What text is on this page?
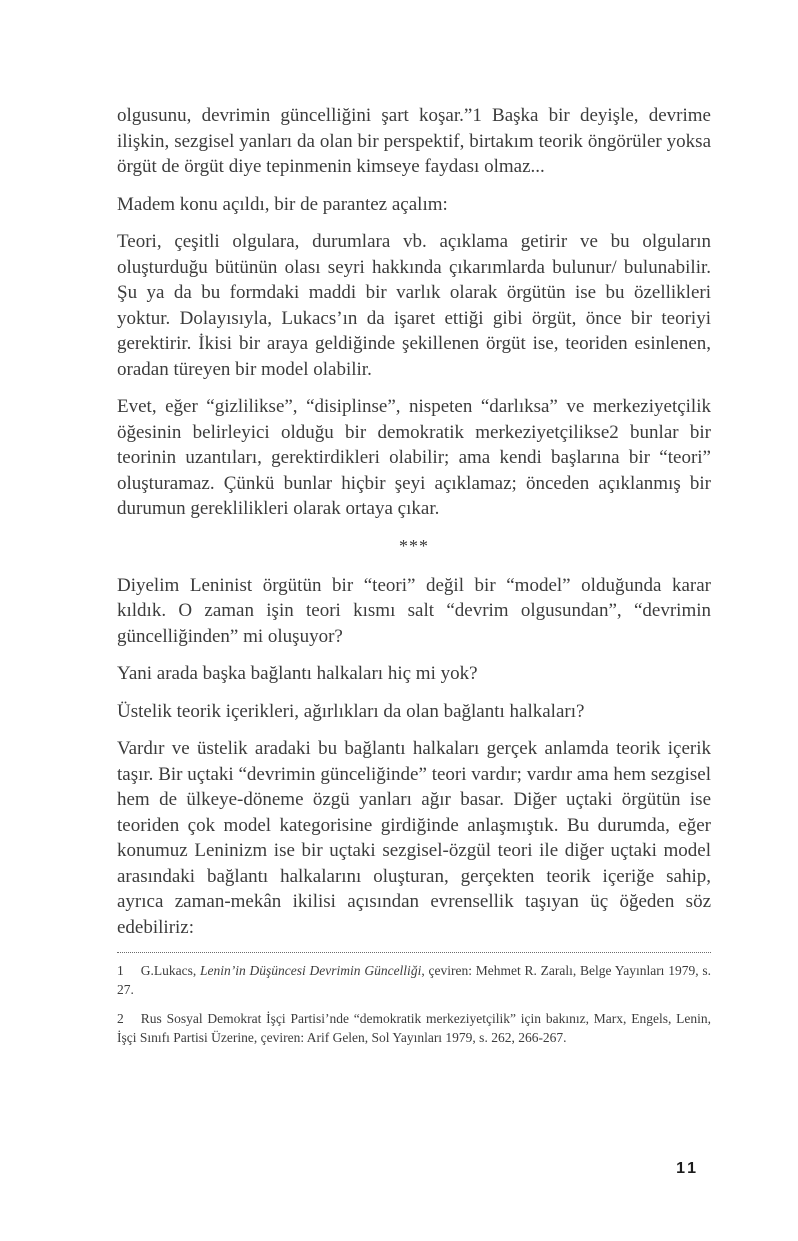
olgusunu, devrimin güncelliğini şart koşar.”1 Başka bir deyişle, devrime ilişkin, sezgisel yanları da olan bir perspektif, birtakım teorik öngörüler yoksa örgüt de örgüt diye tepinmenin kimseye faydası olmaz...

Madem konu açıldı, bir de parantez açalım:

Teori, çeşitli olgulara, durumlara vb. açıklama getirir ve bu olguların oluşturduğu bütünün olası seyri hakkında çıkarımlarda bulunur/ bulunabilir. Şu ya da bu formdaki maddi bir varlık olarak örgütün ise bu özellikleri yoktur. Dolayısıyla, Lukacs’ın da işaret ettiği gibi örgüt, önce bir teoriyi gerektirir. İkisi bir araya geldiğinde şekillenen örgüt ise, teoriden esinlenen, oradan türeyen bir model olabilir.

Evet, eğer “gizlilikse”, “disiplinse”, nispeten “darlıksa” ve merkeziyetçilik öğesinin belirleyici olduğu bir demokratik merkeziyetçilikse2 bunlar bir teorinin uzantıları, gerektirdikleri olabilir; ama kendi başlarına bir “teori” oluşturamaz. Çünkü bunlar hiçbir şeyi açıklamaz; önceden açıklanmış bir durumun gereklilikleri olarak ortaya çıkar.

***

Diyelim Leninist örgütün bir “teori” değil bir “model” olduğunda karar kıldık. O zaman işin teori kısmı salt “devrim olgusundan”, “devrimin güncelliğinden” mi oluşuyor?

Yani arada başka bağlantı halkaları hiç mi yok?

Üstelik teorik içerikleri, ağırlıkları da olan bağlantı halkaları?

Vardır ve üstelik aradaki bu bağlantı halkaları gerçek anlamda teorik içerik taşır. Bir uçtaki “devrimin günceliğinde” teori vardır; vardır ama hem sezgisel hem de ülkeye-döneme özgü yanları ağır basar. Diğer uçtaki örgütün ise teoriden çok model kategorisine girdiğinde anlaşmıştık. Bu durumda, eğer konumuz Leninizm ise bir uçtaki sezgisel-özgül teori ile diğer uçtaki model arasındaki bağlantı halkalarını oluşturan, gerçekten teorik içeriğe sahip, ayrıca zaman-mekân ikilisi açısından evrensellik taşıyan üç öğeden söz edebiliriz:

1 G.Lukacs, Lenin’in Düşüncesi Devrimin Güncelliği, çeviren: Mehmet R. Zaralı, Belge Yayınları 1979, s. 27.

2 Rus Sosyal Demokrat İşçi Partisi’nde “demokratik merkeziyetçilik” için bakınız, Marx, Engels, Lenin, İşçi Sınıfı Partisi Üzerine, çeviren: Arif Gelen, Sol Yayınları 1979, s. 262, 266-267.

11
